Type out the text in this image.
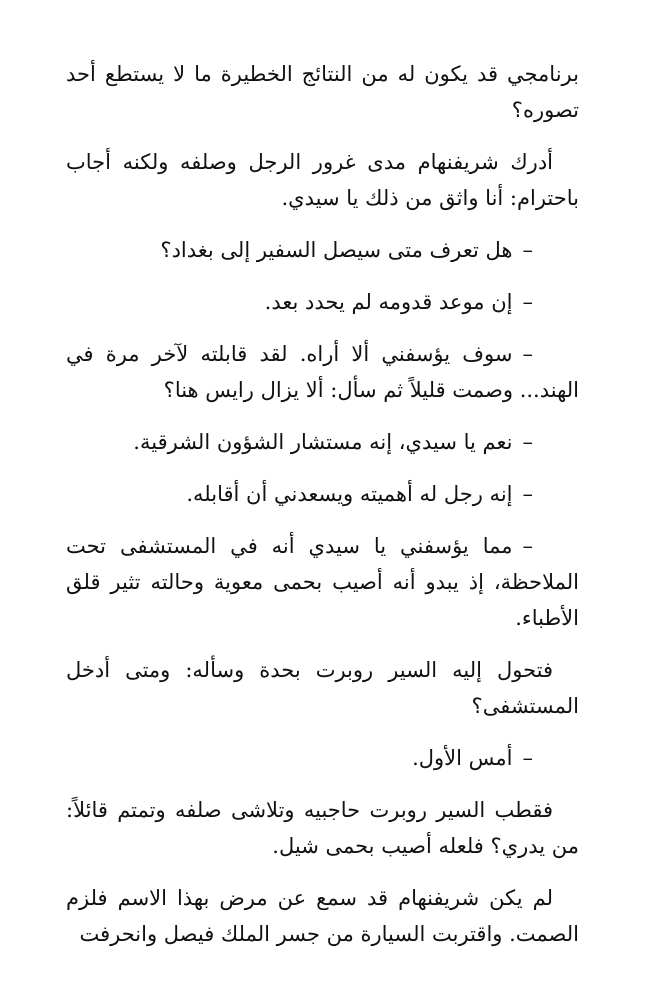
برنامجي قد يكون له من النتائج الخطيرة ما لا يستطع أحد تصوره؟

أدرك شريفنهام مدى غرور الرجل وصلفه ولكنه أجاب باحترام: أنا واثق من ذلك يا سيدي.

–هل تعرف متى سيصل السفير إلى بغداد؟

–إن موعد قدومه لم يحدد بعد.

–سوف يؤسفني ألا أراه. لقد قابلته لآخر مرة في الهند... وصمت قليلاً ثم سأل: ألا يزال رايس هنا؟

–نعم يا سيدي، إنه مستشار الشؤون الشرقية.

–إنه رجل له أهميته ويسعدني أن أقابله.

–مما يؤسفني يا سيدي أنه في المستشفى تحت الملاحظة، إذ يبدو أنه أصيب بحمى معوية وحالته تثير قلق الأطباء.

فتحول إليه السير روبرت بحدة وسأله: ومتى أدخل المستشفى؟

–أمس الأول.

فقطب السير روبرت حاجبيه وتلاشى صلفه وتمتم قائلاً: من يدري؟ فلعله أصيب بحمى شيل.

لم يكن شريفنهام قد سمع عن مرض بهذا الاسم فلزم الصمت. واقتربت السيارة من جسر الملك فيصل وانحرفت
